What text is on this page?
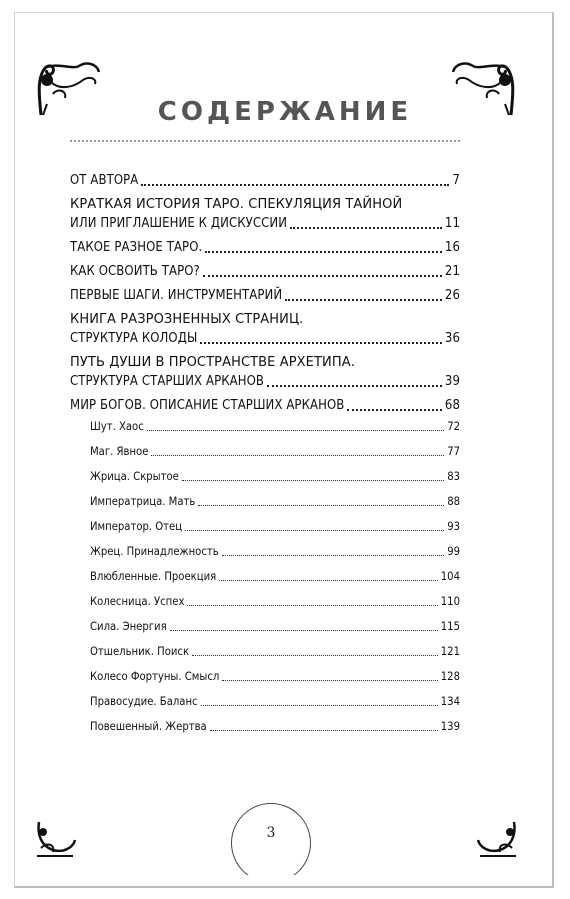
СОДЕРЖАНИЕ
ОТ АВТОРА	7
КРАТКАЯ ИСТОРИЯ ТАРО. СПЕКУЛЯЦИЯ ТАЙНОЙ
ИЛИ ПРИГЛАШЕНИЕ К ДИСКУССИИ	11
ТАКОЕ РАЗНОЕ ТАРО.	16
КАК ОСВОИТЬ ТАРО?	21
ПЕРВЫЕ ШАГИ. ИНСТРУМЕНТАРИЙ	26
КНИГА РАЗРОЗНЕННЫХ СТРАНИЦ.
СТРУКТУРА КОЛОДЫ	36
ПУТЬ ДУШИ В ПРОСТРАНСТВЕ АРХЕТИПА.
СТРУКТУРА СТАРШИХ АРКАНОВ	39
МИР БОГОВ. ОПИСАНИЕ СТАРШИХ АРКАНОВ	68
Шут. Хаос	72
Маг. Явное	77
Жрица. Скрытое	83
Императрица. Мать	88
Император. Отец	93
Жрец. Принадлежность	99
Влюбленные. Проекция	104
Колесница. Успех	110
Сила. Энергия	115
Отшельник. Поиск	121
Колесо Фортуны. Смысл	128
Правосудие. Баланс	134
Повешенный. Жертва	139
3
